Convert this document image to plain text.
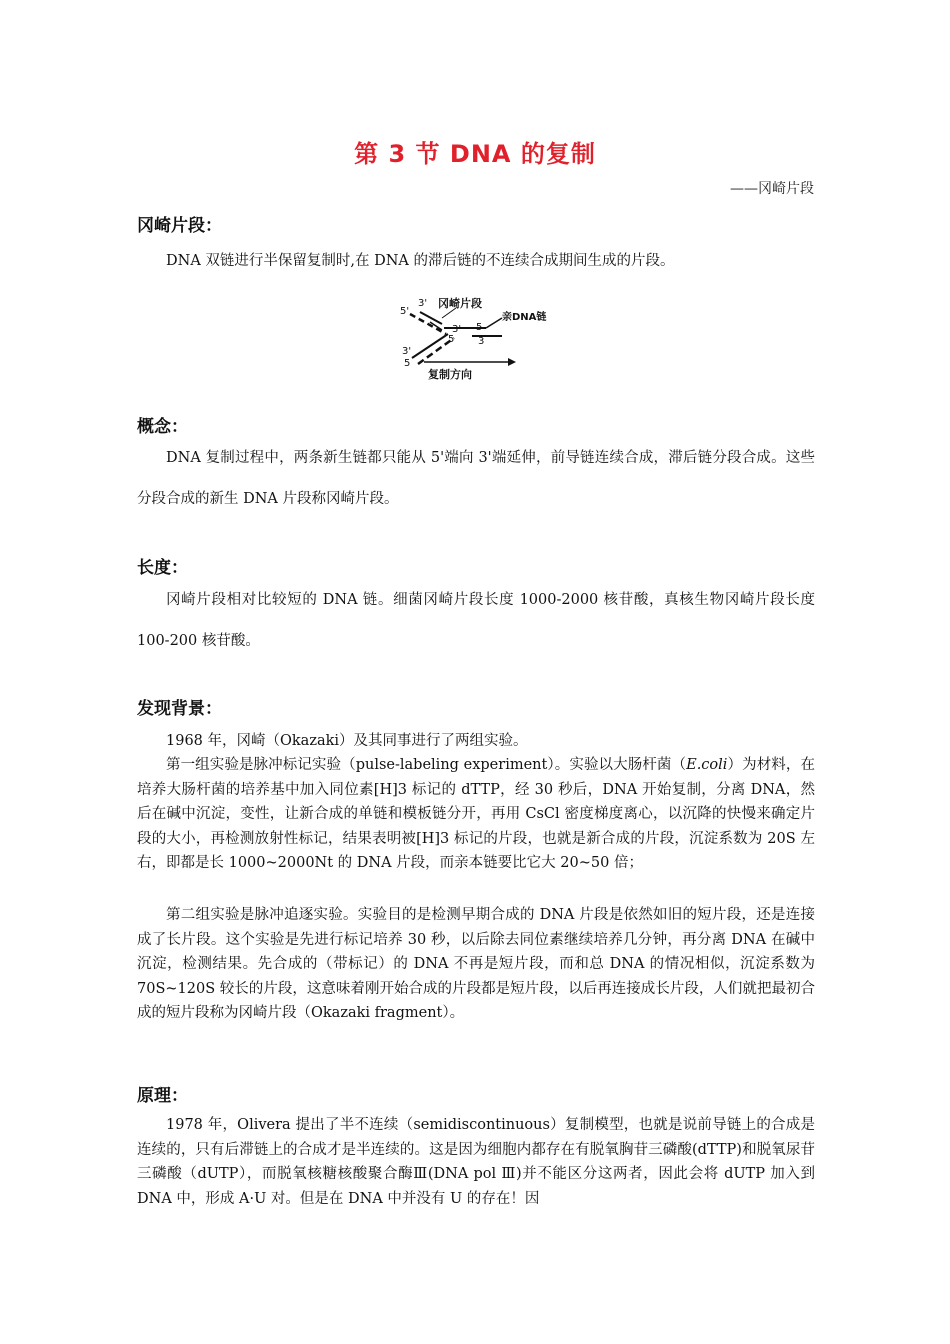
第 3 节 DNA 的复制
——冈崎片段
冈崎片段：

DNA 双链进行半保留复制时,在 DNA 的滞后链的不连续合成期间生成的片段。

冈崎片段
亲DNA链
复制方向
5'
3'
3' 5
5 3
3'
5
概念：

DNA 复制过程中，两条新生链都只能从 5'端向 3'端延伸，前导链连续合成，滞后链分段合成。这些分段合成的新生 DNA 片段称冈崎片段。

长度：

冈崎片段相对比较短的 DNA 链。细菌冈崎片段长度 1000-2000 核苷酸，真核生物冈崎片段长度 100-200 核苷酸。

发现背景：

1968 年，冈崎（Okazaki）及其同事进行了两组实验。

第一组实验是脉冲标记实验（pulse-labeling experiment）。实验以大肠杆菌（E.coli）为材料，在培养大肠杆菌的培养基中加入同位素[H]3 标记的 dTTP，经 30 秒后，DNA 开始复制，分离 DNA，然后在碱中沉淀，变性，让新合成的单链和模板链分开，再用 CsCl 密度梯度离心，以沉降的快慢来确定片段的大小，再检测放射性标记，结果表明被[H]3 标记的片段，也就是新合成的片段，沉淀系数为 20S 左右，即都是长 1000~2000Nt 的 DNA 片段，而亲本链要比它大 20~50 倍；

第二组实验是脉冲追逐实验。实验目的是检测早期合成的 DNA 片段是依然如旧的短片段，还是连接成了长片段。这个实验是先进行标记培养 30 秒，以后除去同位素继续培养几分钟，再分离 DNA 在碱中沉淀，检测结果。先合成的（带标记）的 DNA 不再是短片段，而和总 DNA 的情况相似，沉淀系数为 70S~120S 较长的片段，这意味着刚开始合成的片段都是短片段，以后再连接成长片段，人们就把最初合成的短片段称为冈崎片段（Okazaki fragment）。

原理：

1978 年，Olivera 提出了半不连续（semidiscontinuous）复制模型，也就是说前导链上的合成是连续的，只有后滞链上的合成才是半连续的。这是因为细胞内都存在有脱氧胸苷三磷酸(dTTP)和脱氧尿苷三磷酸（dUTP），而脱氧核糖核酸聚合酶Ⅲ(DNA pol Ⅲ)并不能区分这两者，因此会将 dUTP 加入到 DNA 中，形成 A·U 对。但是在 DNA 中并没有 U 的存在！因
